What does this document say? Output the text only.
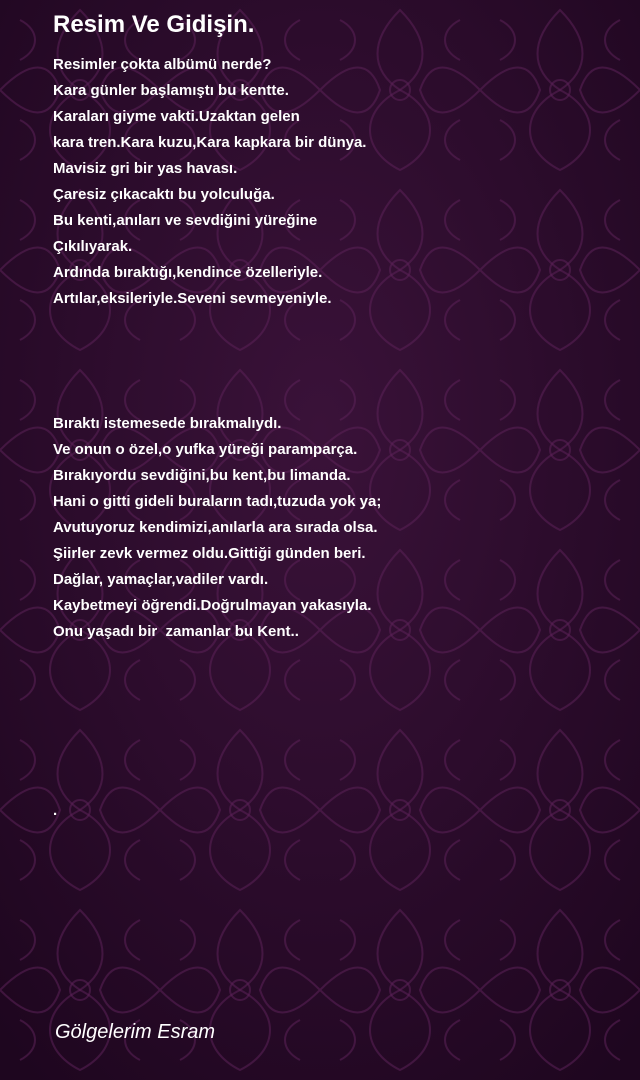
Resim Ve Gidişin.
Resimler çokta albümü nerde?
Kara günler başlamıştı bu kentte.
Karaları giyme vakti.Uzaktan gelen
kara tren.Kara kuzu,Kara kapkara bir dünya.
Mavisiz gri bir yas havası.
Çaresiz çıkacaktı bu yolculuğa.
Bu kenti,anıları ve sevdiğini yüreğine
Çıkılıyarak.
Ardında bıraktığı,kendince özelleriyle.
Artılar,eksileriyle.Seveni sevmeyeniyle.
Bıraktı istemesede bırakmalıydı.
Ve onun o özel,o yufka yüreği paramparça.
Bırakıyordu sevdiğini,bu kent,bu limanda.
Hani o gitti gideli buraların tadı,tuzuda yok ya;
Avutuyoruz kendimizi,anılarla ara sırada olsa.
Şiirler zevk vermez oldu.Gittiği günden beri.
Dağlar, yamaçlar,vadiler vardı.
Kaybetmeyi öğrendi.Doğrulmayan yakasıyla.
Onu yaşadı bir  zamanlar bu Kent..
.
Gölgelerim Esram
